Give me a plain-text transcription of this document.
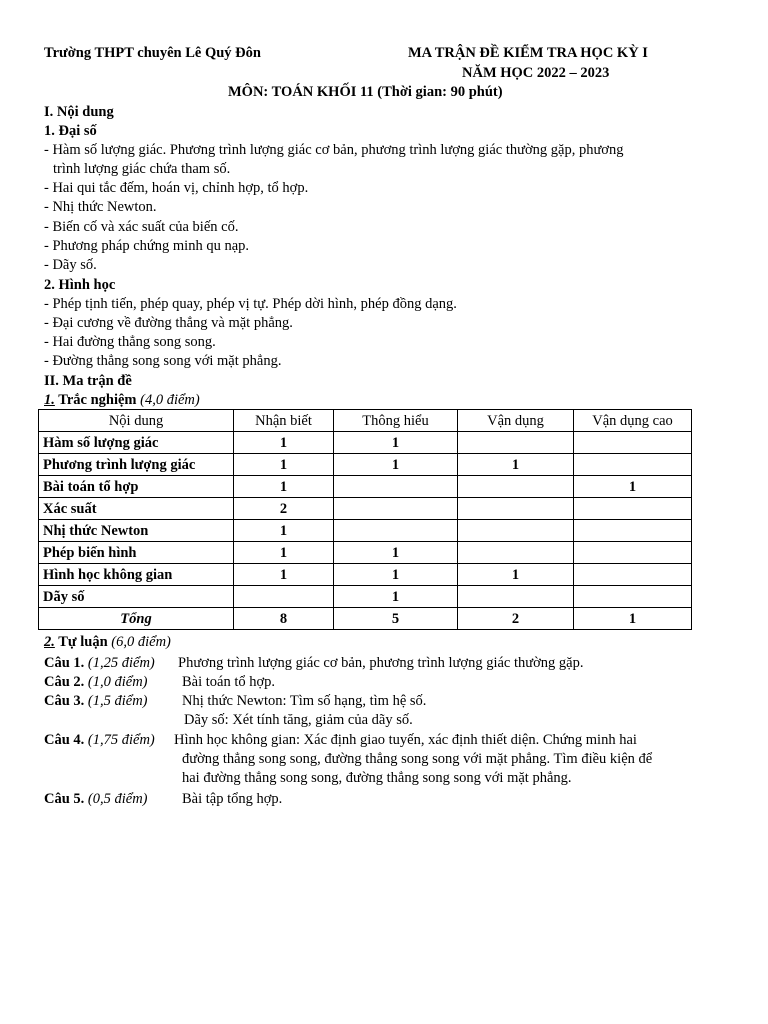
Trường THPT chuyên Lê Quý Đôn	MA TRẬN ĐỀ KIỂM TRA HỌC KỲ I
NĂM HỌC 2022 – 2023
MÔN: TOÁN KHỐI 11 (Thời gian: 90 phút)
I. Nội dung
1. Đại số
- Hàm số lượng giác. Phương trình lượng giác cơ bản, phương trình lượng giác thường gặp, phương
trình lượng giác chứa tham số.
- Hai qui tắc đếm, hoán vị, chỉnh hợp, tổ hợp.
- Nhị thức Newton.
- Biến cố và xác suất của biến cố.
- Phương pháp chứng minh qu nạp.
- Dãy số.
2. Hình học
- Phép tịnh tiến, phép quay, phép vị tự. Phép dời hình, phép đồng dạng.
- Đại cương về đường thẳng và mặt phẳng.
- Hai đường thẳng song song.
- Đường thẳng song song với mặt phẳng.
II. Ma trận đề
1. Trắc nghiệm (4,0 điểm)
Nội dung	Nhận biết	Thông hiểu	Vận dụng	Vận dụng cao
Hàm số lượng giác	1	1		
Phương trình lượng giác	1	1	1	
Bài toán tổ hợp	1			1
Xác suất	2			
Nhị thức Newton	1			
Phép biến hình	1	1		
Hình học không gian	1	1	1	
Dãy số		1		
Tổng	8	5	2	1
2. Tự luận (6,0 điểm)
Câu 1. (1,25 điểm) Phương trình lượng giác cơ bản, phương trình lượng giác thường gặp.
Câu 2. (1,0 điểm) Bài toán tổ hợp.
Câu 3. (1,5 điểm) Nhị thức Newton: Tìm số hạng, tìm hệ số.
Dãy số: Xét tính tăng, giảm của dãy số.
Câu 4. (1,75 điểm) Hình học không gian: Xác định giao tuyến, xác định thiết diện. Chứng minh hai
đường thẳng song song, đường thẳng song song với mặt phẳng. Tìm điều kiện để
hai đường thẳng song song, đường thẳng song song với mặt phẳng.
Câu 5. (0,5 điểm) Bài tập tổng hợp.
